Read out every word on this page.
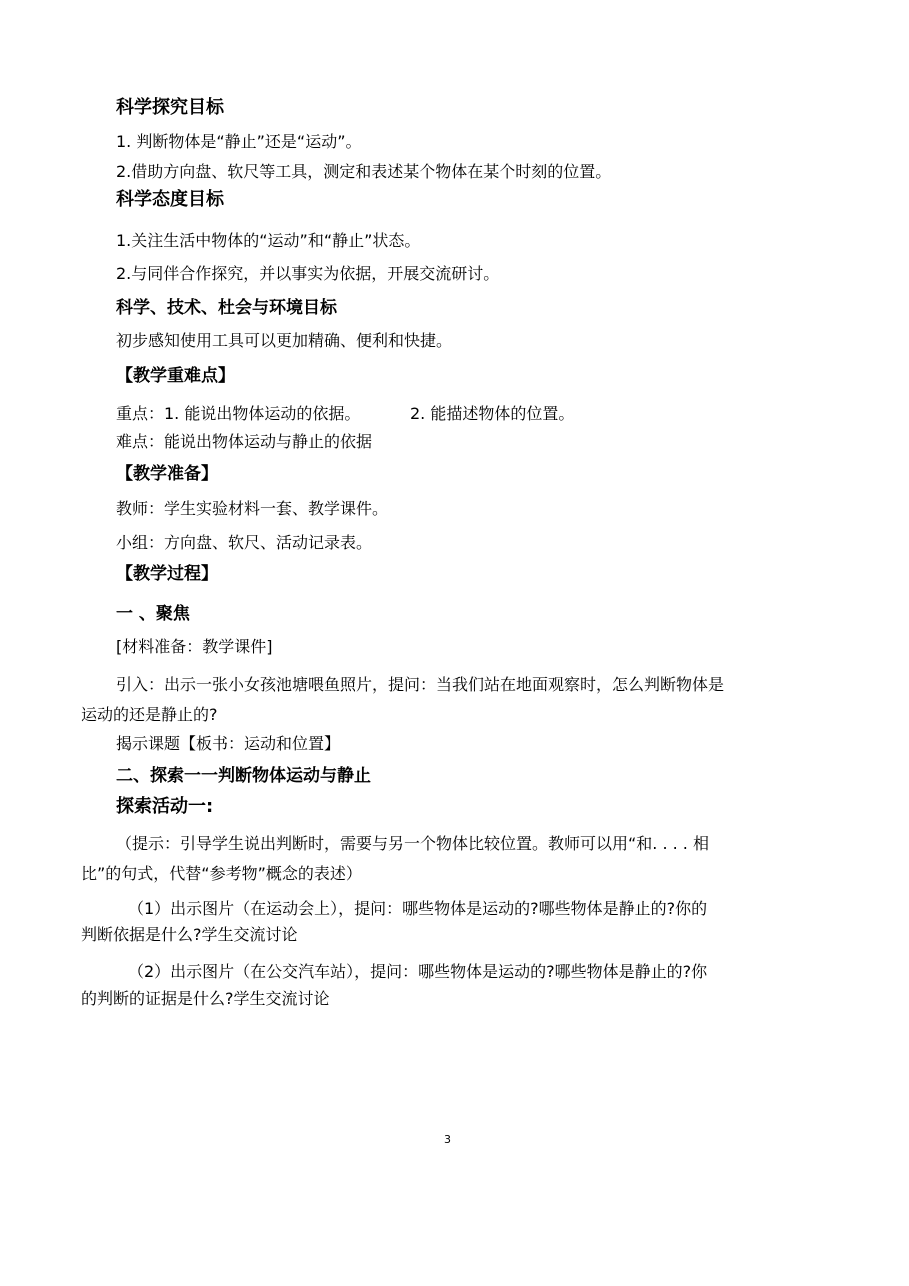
科学探究目标
1. 判断物体是“静止”还是“运动”。
2.借助方向盘、软尺等工具，测定和表述某个物体在某个时刻的位置。
科学态度目标
1.关注生活中物体的“运动”和“静止”状态。
2.与同伴合作探究，并以事实为依据，开展交流研讨。
科学、技术、杜会与环境目标
初步感知使用工具可以更加精确、便利和快捷。
【教学重难点】
重点：1. 能说出物体运动的依据。	2. 能描述物体的位置。
难点：能说出物体运动与静止的依据
【教学准备】
教师：学生实验材料一套、教学课件。
小组：方向盘、软尺、活动记录表。
【教学过程】
一 、聚焦
[材料准备：教学课件]
引入：出示一张小女孩池塘喂鱼照片，提问：当我们站在地面观察时，怎么判断物体是
运动的还是静止的?
揭示课题【板书：运动和位置】
二、探索一一判断物体运动与静止
探索活动一:
（提示：引导学生说出判断时，需要与另一个物体比较位置。教师可以用“和. . . . 相
比”的句式，代替“参考物”概念的表述）
（1）出示图片（在运动会上），提问：哪些物体是运动的?哪些物体是静止的?你的
判断依据是什么?学生交流讨论
（2）出示图片（在公交汽车站），提问：哪些物体是运动的?哪些物体是静止的?你
的判断的证据是什么?学生交流讨论
3
